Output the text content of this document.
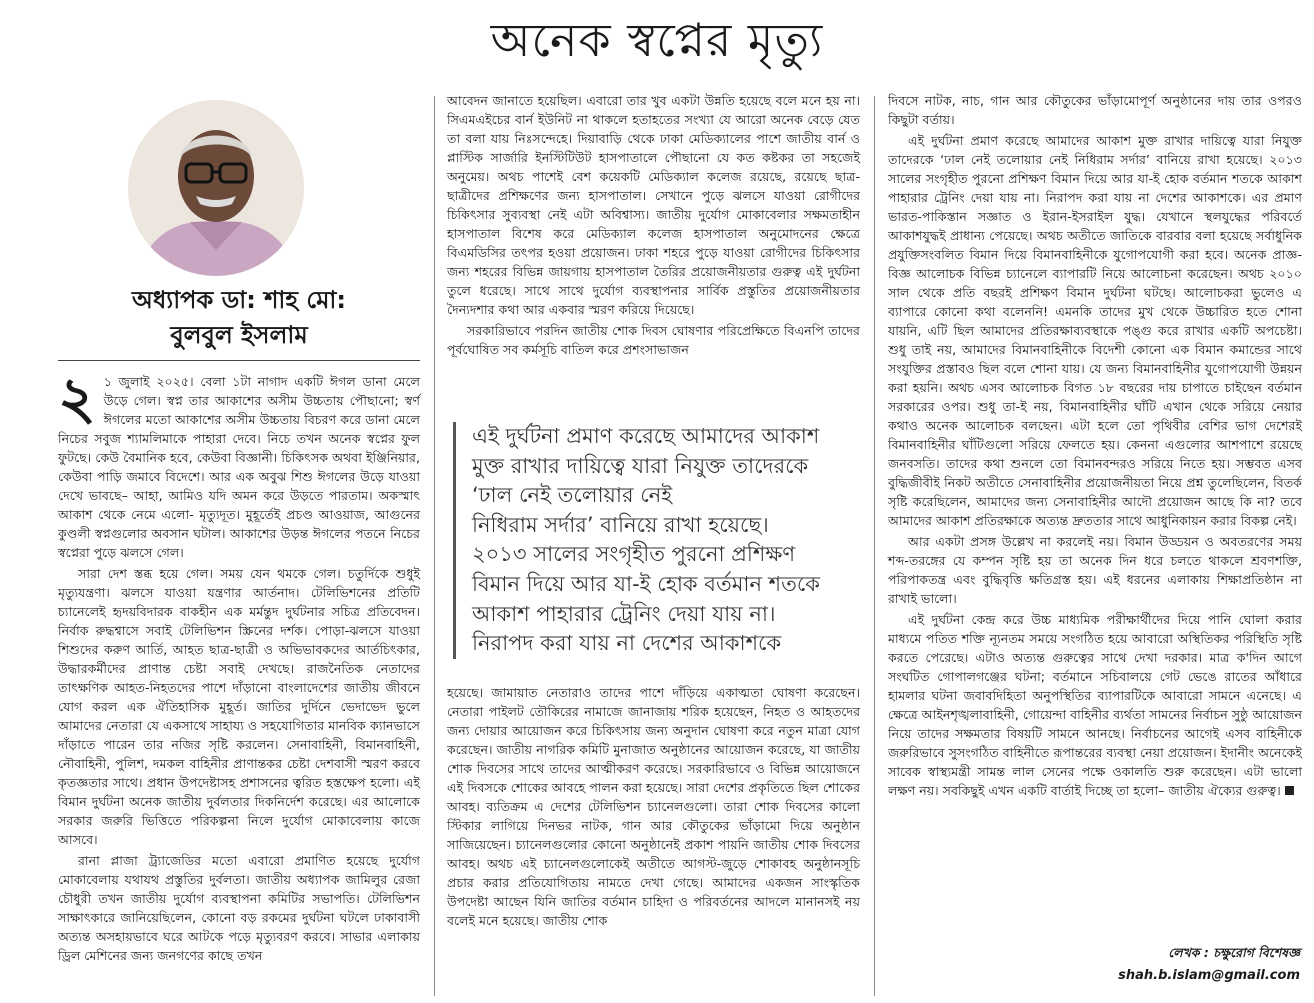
অনেক স্বপ্নের মৃত্যু
অধ্যাপক ডা: শাহ মো:
বুলবুল ইসলাম

২ ১ জুলাই ২০২৫। বেলা ১টা নাগাদ একটি ঈগল ডানা মেলে উড়ে গেল। স্বপ্ন তার আকাশের অসীম উচ্চতায় পৌছানো; স্বর্ণ ঈগলের মতো আকাশের অসীম উচ্চতায় বিচরণ করে ডানা মেলে নিচের সবুজ শ্যামলিমাকে পাহারা দেবে। নিচে তখন অনেক স্বপ্নের ফুল ফুটছে। কেউ বৈমানিক হবে, কেউবা বিজ্ঞানী। চিকিৎসক অথবা ইঞ্জিনিয়ার, কেউবা পাড়ি জমাবে বিদেশে। আর এক অবুঝ শিশু ঈগলের উড়ে যাওয়া দেখে ভাবছে– আহা, আমিও যদি অমন করে উড়তে পারতাম। অকস্মাৎ আকাশ থেকে নেমে এলো- মৃত্যুদূত। মুহূর্তেই প্রচণ্ড আওয়াজ, আগুনের কুণ্ডলী স্বপ্নগুলোর অবসান ঘটাল। আকাশের উড়ন্ত ঈগলের পতনে নিচের স্বপ্নেরা পুড়ে ঝলসে গেল।

সারা দেশ স্তব্ধ হয়ে গেল। সময় যেন থমকে গেল। চতুর্দিকে শুধুই মৃত্যুযন্ত্রণা। ঝলসে যাওয়া যন্ত্রণার আর্তনাদ। টেলিভিশনের প্রতিটি চ্যানেলেই হৃদয়বিদারক বাকহীন এক মর্মন্তুদ দুর্ঘটনার সচিত্র প্রতিবেদন। নির্বাক রুদ্ধশ্বাসে সবাই টেলিভিশন স্ক্রিনের দর্শক। পোড়া-ঝলসে যাওয়া শিশুদের করুণ আর্তি, আহত ছাত্র-ছাত্রী ও অভিভাবকদের আর্তচিৎকার, উদ্ধারকর্মীদের প্রাণান্ত চেষ্টা সবাই দেখছে। রাজনৈতিক নেতাদের তাৎক্ষণিক আহত-নিহতদের পাশে দাঁড়ানো বাংলাদেশের জাতীয় জীবনে যোগ করল এক ঐতিহাসিক মুহূর্ত। জাতির দুর্দিনে ভেদাভেদ ভুলে আমাদের নেতারা যে একসাথে সাহায্য ও সহযোগিতার মানবিক ক্যানভাসে দাঁড়াতে পারেন তার নজির সৃষ্টি করলেন। সেনাবাহিনী, বিমানবাহিনী, নৌবাহিনী, পুলিশ, দমকল বাহিনীর প্রাণান্তকর চেষ্টা দেশবাসী স্মরণ করবে কৃতজ্ঞতার সাথে। প্রধান উপদেষ্টাসহ প্রশাসনের ত্বরিত হস্তক্ষেপ হলো। এই বিমান দুর্ঘটনা অনেক জাতীয় দুর্বলতার দিকনির্দেশ করেছে। এর আলোকে সরকার জরুরি ভিত্তিতে পরিকল্পনা নিলে দুর্যোগ মোকাবেলায় কাজে আসবে।

রানা প্লাজা ট্র্যাজেডির মতো এবারো প্রমাণিত হয়েছে দুর্যোগ মোকাবেলায় যথাযথ প্রস্তুতির দুর্বলতা। জাতীয় অধ্যাপক জামিলুর রেজা চৌধুরী তখন জাতীয় দুর্যোগ ব্যবস্থাপনা কমিটির সভাপতি। টেলিভিশন সাক্ষাৎকারে জানিয়েছিলেন, কোনো বড় রকমের দুর্ঘটনা ঘটলে ঢাকাবাসী অত্যন্ত অসহায়ভাবে ঘরে আটকে পড়ে মৃত্যুবরণ করবে। সাভার এলাকায় ড্রিল মেশিনের জন্য জনগণের কাছে তখন

আবেদন জানাতে হয়েছিল। এবারো তার খুব একটা উন্নতি হয়েছে বলে মনে হয় না। সিএমএইচের বার্ন ইউনিট না থাকলে হতাহতের সংখ্যা যে আরো অনেক বেড়ে যেত তা বলা যায় নিঃসন্দেহে। দিয়াবাড়ি থেকে ঢাকা মেডিক্যালের পাশে জাতীয় বার্ন ও প্লাস্টিক সার্জারি ইনস্টিটিউট হাসপাতালে পৌছানো যে কত কষ্টকর তা সহজেই অনুমেয়। অথচ পাশেই বেশ কয়েকটি মেডিক্যাল কলেজ রয়েছে, রয়েছে ছাত্র-ছাত্রীদের প্রশিক্ষণের জন্য হাসপাতাল। সেখানে পুড়ে ঝলসে যাওয়া রোগীদের চিকিৎসার সুব্যবস্থা নেই এটা অবিশ্বাস্য। জাতীয় দুর্যোগ মোকাবেলার সক্ষমতাহীন হাসপাতাল বিশেষ করে মেডিক্যাল কলেজ হাসপাতাল অনুমোদনের ক্ষেত্রে বিএমডিসির তৎপর হওয়া প্রয়োজন। ঢাকা শহরে পুড়ে যাওয়া রোগীদের চিকিৎসার জন্য শহরের বিভিন্ন জায়গায় হাসপাতাল তৈরির প্রয়োজনীয়তার গুরুত্ব এই দুর্ঘটনা তুলে ধরেছে। সাথে সাথে দুর্যোগ ব্যবস্থাপনার সার্বিক প্রস্তুতির প্রয়োজনীয়তার দৈন্যদশার কথা আর একবার স্মরণ করিয়ে দিয়েছে।

সরকারিভাবে পরদিন জাতীয় শোক দিবস ঘোষণার পরিপ্রেক্ষিতে বিএনপি তাদের পূর্বঘোষিত সব কর্মসূচি বাতিল করে প্রশংসাভাজন

এই দুর্ঘটনা প্রমাণ করেছে আমাদের আকাশ
মুক্ত রাখার দায়িত্বে যারা নিযুক্ত তাদেরকে
‘ঢাল নেই তলোয়ার নেই
নিধিরাম সর্দার’ বানিয়ে রাখা হয়েছে।
২০১৩ সালের সংগৃহীত পুরনো প্রশিক্ষণ
বিমান দিয়ে আর যা-ই হোক বর্তমান শতকে
আকাশ পাহারার ট্রেনিং দেয়া যায় না।
নিরাপদ করা যায় না দেশের আকাশকে

হয়েছে। জামায়াত নেতারাও তাদের পাশে দাঁড়িয়ে একাত্মতা ঘোষণা করেছেন। নেতারা পাইলট তৌকিরের নামাজে জানাজায় শরিক হয়েছেন, নিহত ও আহতদের জন্য দোয়ার আয়োজন করে চিকিৎসায় জন্য অনুদান ঘোষণা করে নতুন মাত্রা যোগ করেছেন। জাতীয় নাগরিক কমিটি মুনাজাত অনুষ্ঠানের আয়োজন করেছে, যা জাতীয় শোক দিবসের সাথে তাদের আত্মীকরণ করেছে। সরকারিভাবে ও বিভিন্ন আয়োজনে এই দিবসকে শোকের আবহে পালন করা হয়েছে। সারা দেশের প্রকৃতিতে ছিল শোকের আবহ। ব্যতিক্রম এ দেশের টেলিভিশন চ্যানেলগুলো। তারা শোক দিবসের কালো স্টিকার লাগিয়ে দিনভর নাটক, গান আর কৌতুকের ভাঁড়ামো দিয়ে অনুষ্ঠান সাজিয়েছেন। চ্যানেলগুলোর কোনো অনুষ্ঠানেই প্রকাশ পায়নি জাতীয় শোক দিবসের আবহ। অথচ এই চ্যানেলগুলোকেই অতীতে আগস্ট-জুড়ে শোকাবহ অনুষ্ঠানসূচি প্রচার করার প্রতিযোগিতায় নামতে দেখা গেছে। আমাদের একজন সাংস্কৃতিক উপদেষ্টা আছেন যিনি জাতির বর্তমান চাহিদা ও পরিবর্তনের আদলে মানানসই নয় বলেই মনে হয়েছে। জাতীয় শোক

দিবসে নাটক, নাচ, গান আর কৌতুকের ভাঁড়ামোপূর্ণ অনুষ্ঠানের দায় তার ওপরও কিছুটা বর্তায়।

এই দুর্ঘটনা প্রমাণ করেছে আমাদের আকাশ মুক্ত রাখার দায়িত্বে যারা নিযুক্ত তাদেরকে ‘ঢাল নেই তলোয়ার নেই নিধিরাম সর্দার’ বানিয়ে রাখা হয়েছে। ২০১৩ সালের সংগৃহীত পুরনো প্রশিক্ষণ বিমান দিয়ে আর যা-ই হোক বর্তমান শতকে আকাশ পাহারার ট্রেনিং দেয়া যায় না। নিরাপদ করা যায় না দেশের আকাশকে। এর প্রমাণ ভারত-পাকিস্তান সজ্ঞাত ও ইরান-ইসরাইল যুদ্ধ। যেখানে স্থলযুদ্ধের পরিবর্তে আকাশযুদ্ধই প্রাধান্য পেয়েছে। অথচ অতীতে জাতিকে বারবার বলা হয়েছে সর্বাধুনিক প্রযুক্তিসংবলিত বিমান দিয়ে বিমানবাহিনীকে যুগোপযোগী করা হবে। অনেক প্রাজ্ঞ-বিজ্ঞ আলোচক বিভিন্ন চ্যানেলে ব্যাপারটি নিয়ে আলোচনা করেছেন। অথচ ২০১০ সাল থেকে প্রতি বছরই প্রশিক্ষণ বিমান দুর্ঘটনা ঘটছে। আলোচকরা ভুলেও এ ব্যাপারে কোনো কথা বলেননি! এমনকি তাদের মুখ থেকে উচ্চারিত হতে শোনা যায়নি, এটি ছিল আমাদের প্রতিরক্ষাব্যবস্থাকে পঙ্গু করে রাখার একটি অপচেষ্টা। শুধু তাই নয়, আমাদের বিমানবাহিনীকে বিদেশী কোনো এক বিমান কমান্ডের সাথে সংযুক্তির প্রস্তাবও ছিল বলে শোনা যায়। যে জন্য বিমানবাহিনীর যুগোপযোগী উন্নয়ন করা হয়নি। অথচ এসব আলোচক বিগত ১৮ বছরের দায় চাপাতে চাইছেন বর্তমান সরকারের ওপর। শুধু তা-ই নয়, বিমানবাহিনীর ঘাঁটি এখান থেকে সরিয়ে নেয়ার কথাও অনেক আলোচক বলছেন। এটা হলে তো পৃথিবীর বেশির ভাগ দেশেরই বিমানবাহিনীর ঘাঁটিগুলো সরিয়ে ফেলতে হয়। কেননা এগুলোর আশপাশে রয়েছে জনবসতি। তাদের কথা শুনলে তো বিমানবন্দরও সরিয়ে নিতে হয়। সম্ভবত এসব বুদ্ধিজীবীই নিকট অতীতে সেনাবাহিনীর প্রয়োজনীয়তা নিয়ে প্রশ্ন তুলেছিলেন, বিতর্ক সৃষ্টি করেছিলেন, আমাদের জন্য সেনাবাহিনীর আদৌ প্রয়োজন আছে কি না? তবে আমাদের আকাশ প্রতিরক্ষাকে অত্যন্ত দ্রুততার সাথে আধুনিকায়ন করার বিকল্প নেই।

আর একটা প্রসঙ্গ উল্লেখ না করলেই নয়। বিমান উড্ডয়ন ও অবতরণের সময় শব্দ-তরঙ্গের যে কম্পন সৃষ্টি হয় তা অনেক দিন ধরে চলতে থাকলে শ্রবণশক্তি, পরিপাকতন্ত্র এবং বুদ্ধিবৃত্তি ক্ষতিগ্রস্ত হয়। এই ধরনের এলাকায় শিক্ষাপ্রতিষ্ঠান না রাখাই ভালো।

এই দুর্ঘটনা কেন্দ্র করে উচ্চ মাধ্যমিক পরীক্ষার্থীদের দিয়ে পানি ঘোলা করার মাধ্যমে পতিত শক্তি ন্যূনতম সময়ে সংগঠিত হয়ে আবারো অস্থিতিকর পরিস্থিতি সৃষ্টি করতে পেরেছে। এটাও অত্যন্ত গুরুত্বের সাথে দেখা দরকার। মাত্র ক'দিন আগে সংঘটিত গোপালগঞ্জের ঘটনা; বর্তমানে সচিবালয়ে গেট ভেঙে রাতের আঁধারে হামলার ঘটনা জবাবদিহিতা অনুপস্থিতির ব্যাপারটিকে আবারো সামনে এনেছে। এ ক্ষেত্রে আইনশৃঙ্খলাবাহিনী, গোয়েন্দা বাহিনীর ব্যর্থতা সামনের নির্বাচন সুষ্ঠু আয়োজন নিয়ে তাদের সক্ষমতার বিষয়টি সামনে আনছে। নির্বাচনের আগেই এসব বাহিনীকে জরুরিভাবে সুসংগঠিত বাহিনীতে রূপান্তরের ব্যবস্থা নেয়া প্রয়োজন। ইদানীং অনেকেই সাবেক স্বাস্থ্যমন্ত্রী সামন্ত লাল সেনের পক্ষে ওকালতি শুরু করেছেন। এটা ভালো লক্ষণ নয়। সবকিছুই এখন একটি বার্তাই দিচ্ছে তা হলো– জাতীয় ঐক্যের গুরুত্ব।

লেখক : চক্ষুরোগ বিশেষজ্ঞ
shah.b.islam@gmail.com
